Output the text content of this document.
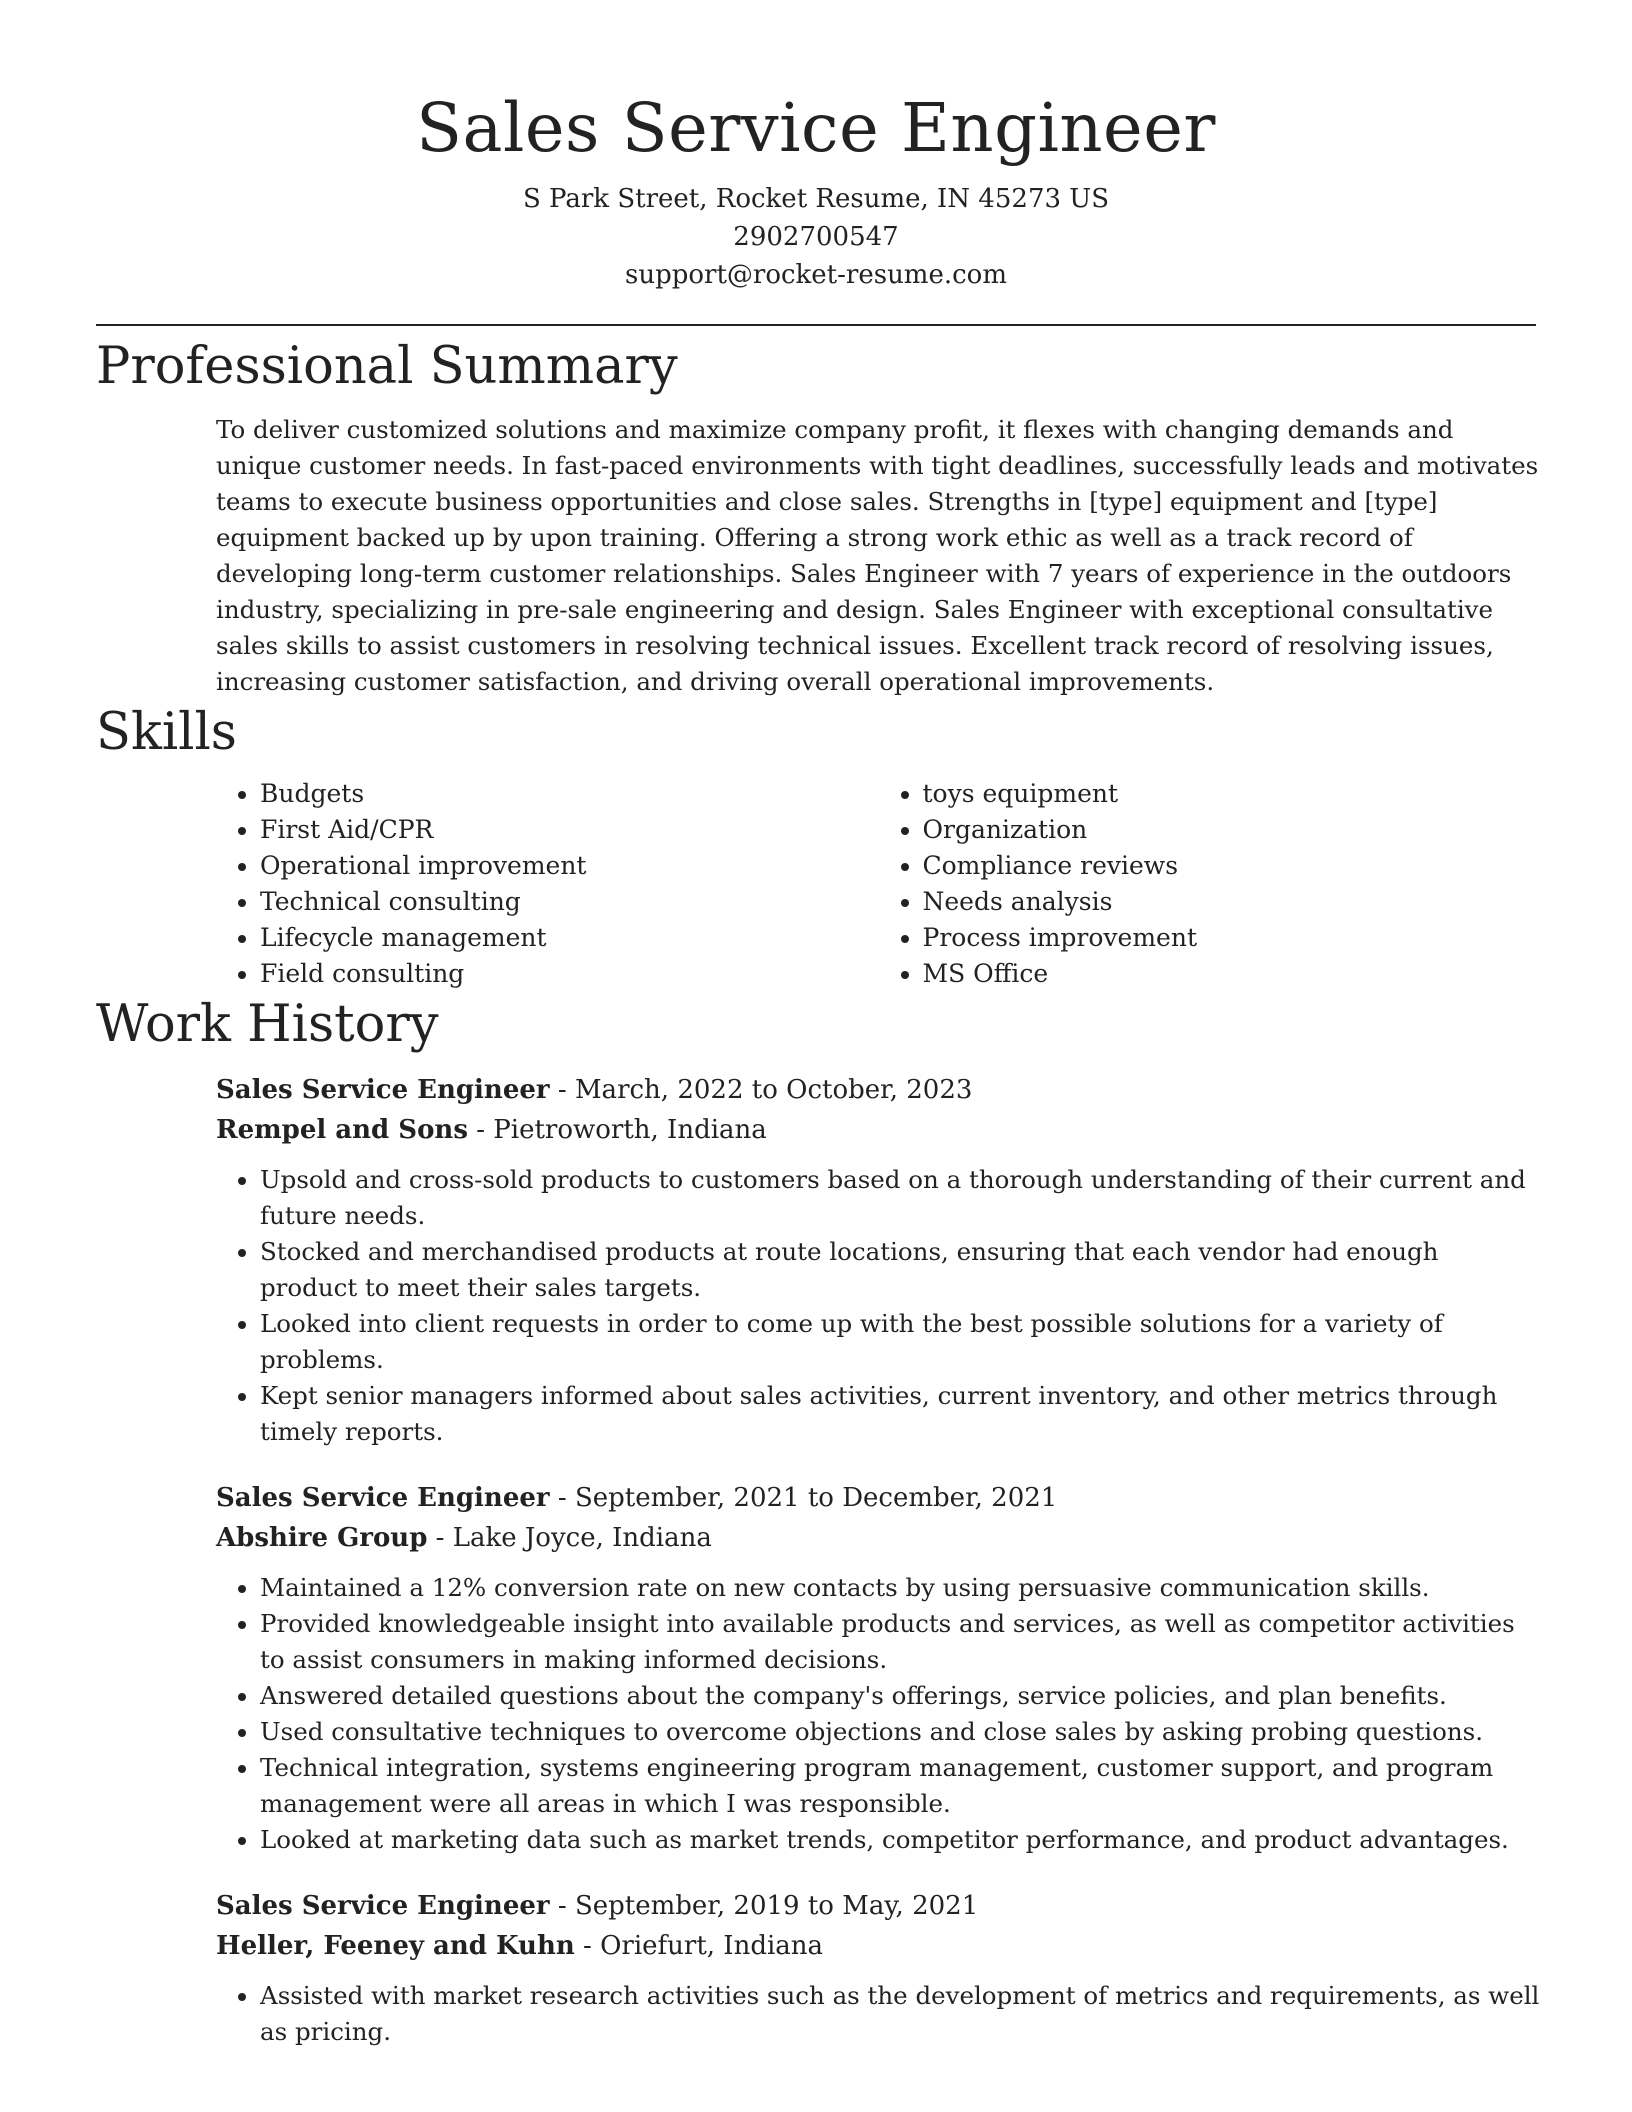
Sales Service Engineer
S Park Street, Rocket Resume, IN 45273 US
2902700547
support@rocket-resume.com
Professional Summary
To deliver customized solutions and maximize company profit, it flexes with changing demands and unique customer needs. In fast-paced environments with tight deadlines, successfully leads and motivates teams to execute business opportunities and close sales. Strengths in [type] equipment and [type] equipment backed up by upon training. Offering a strong work ethic as well as a track record of developing long-term customer relationships. Sales Engineer with 7 years of experience in the outdoors industry, specializing in pre-sale engineering and design. Sales Engineer with exceptional consultative sales skills to assist customers in resolving technical issues. Excellent track record of resolving issues, increasing customer satisfaction, and driving overall operational improvements.
Skills
• Budgets
• First Aid/CPR
• Operational improvement
• Technical consulting
• Lifecycle management
• Field consulting
• toys equipment
• Organization
• Compliance reviews
• Needs analysis
• Process improvement
• MS Office
Work History
Sales Service Engineer - March, 2022 to October, 2023
Rempel and Sons - Pietroworth, Indiana
• Upsold and cross-sold products to customers based on a thorough understanding of their current and future needs.
• Stocked and merchandised products at route locations, ensuring that each vendor had enough product to meet their sales targets.
• Looked into client requests in order to come up with the best possible solutions for a variety of problems.
• Kept senior managers informed about sales activities, current inventory, and other metrics through timely reports.
Sales Service Engineer - September, 2021 to December, 2021
Abshire Group - Lake Joyce, Indiana
• Maintained a 12% conversion rate on new contacts by using persuasive communication skills.
• Provided knowledgeable insight into available products and services, as well as competitor activities to assist consumers in making informed decisions.
• Answered detailed questions about the company's offerings, service policies, and plan benefits.
• Used consultative techniques to overcome objections and close sales by asking probing questions.
• Technical integration, systems engineering program management, customer support, and program management were all areas in which I was responsible.
• Looked at marketing data such as market trends, competitor performance, and product advantages.
Sales Service Engineer - September, 2019 to May, 2021
Heller, Feeney and Kuhn - Oriefurt, Indiana
• Assisted with market research activities such as the development of metrics and requirements, as well as pricing.
